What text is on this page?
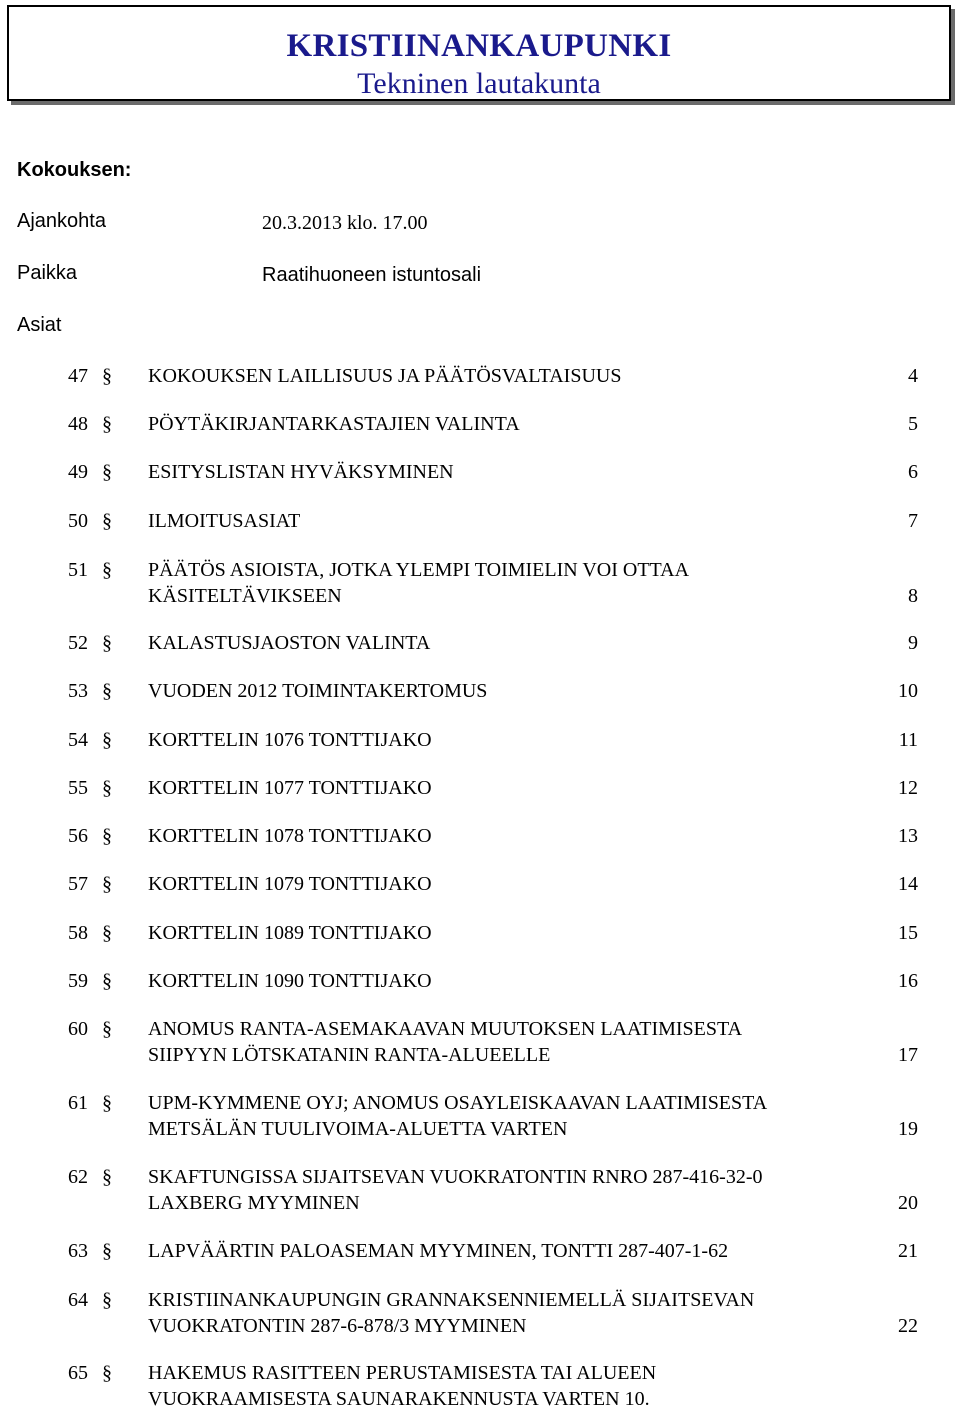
KRISTIINANKAUPUNKI
Tekninen lautakunta
Kokouksen:
Ajankohta	20.3.2013 klo. 17.00
Paikka	Raatihuoneen istuntosali
Asiat
47 § KOKOUKSEN LAILLISUUS JA PÄÄTÖSVALTAISUUS	4
48 § PÖYTÄKIRJANTARKASTAJIEN VALINTA	5
49 § ESITYSLISTAN HYVÄKSYMINEN	6
50 § ILMOITUSASIAT	7
51 § PÄÄTÖS ASIOISTA, JOTKA YLEMPI TOIMIELIN VOI OTTAA
KÄSITELTÄVIKSEEN	8
52 § KALASTUSJAOSTON VALINTA	9
53 § VUODEN 2012 TOIMINTAKERTOMUS	10
54 § KORTTELIN 1076 TONTTIJAKO	11
55 § KORTTELIN 1077 TONTTIJAKO	12
56 § KORTTELIN 1078 TONTTIJAKO	13
57 § KORTTELIN 1079 TONTTIJAKO	14
58 § KORTTELIN 1089 TONTTIJAKO	15
59 § KORTTELIN 1090 TONTTIJAKO	16
60 § ANOMUS RANTA-ASEMAKAAVAN MUUTOKSEN LAATIMISESTA
SIIPYYN LÖTSKATANIN RANTA-ALUEELLE	17
61 § UPM-KYMMENE OYJ; ANOMUS OSAYLEISKAAVAN LAATIMISESTA
METSÄLÄN TUULIVOIMA-ALUETTA VARTEN	19
62 § SKAFTUNGISSA SIJAITSEVAN VUOKRATONTIN RNRO 287-416-32-0
LAXBERG MYYMINEN	20
63 § LAPVÄÄRTIN PALOASEMAN MYYMINEN, TONTTI 287-407-1-62	21
64 § KRISTIINANKAUPUNGIN GRANNAKSENNIEMELLÄ SIJAITSEVAN
VUOKRATONTIN 287-6-878/3 MYYMINEN	22
65 § HAKEMUS RASITTEEN PERUSTAMISESTA TAI ALUEEN
VUOKRAAMISESTA SAUNARAKENNUSTA VARTEN 10.
